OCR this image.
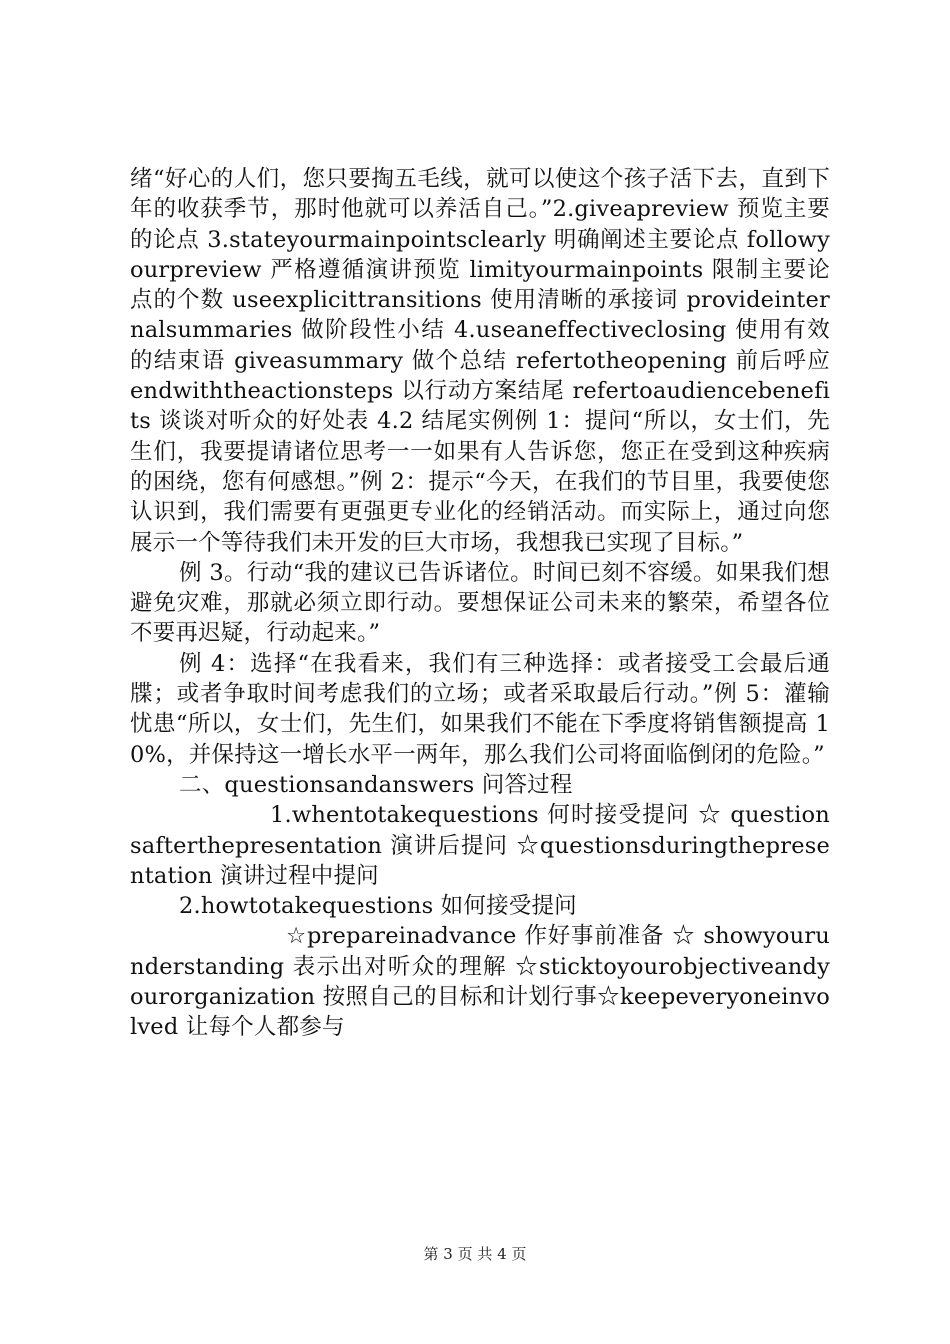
绪“好心的人们，您只要掏五毛线，就可以使这个孩子活下去，直到下年的收获季节，那时他就可以养活自己。”2.giveapreview 预览主要的论点 3.stateyourmainpointsclearly 明确阐述主要论点 followyourpreview 严格遵循演讲预览 limityourmainpoints 限制主要论点的个数 useexplicittransitions 使用清晰的承接词 provideinternalsummaries 做阶段性小结 4.useaneffectiveclosing 使用有效的结束语 giveasummary 做个总结 refertotheopening 前后呼应 endwiththeactionsteps 以行动方案结尾 refertoaudiencebenefits 谈谈对听众的好处表 4.2 结尾实例例 1：提问“所以，女士们，先生们，我要提请诸位思考一一如果有人告诉您，您正在受到这种疾病的困绕，您有何感想。”例 2：提示“今天，在我们的节目里，我要使您认识到，我们需要有更强更专业化的经销活动。而实际上，通过向您展示一个等待我们未开发的巨大市场，我想我已实现了目标。”

例 3。行动“我的建议已告诉诸位。时间已刻不容缓。如果我们想避免灾难，那就必须立即行动。要想保证公司未来的繁荣，希望各位不要再迟疑，行动起来。”

例 4：选择“在我看来，我们有三种选择：或者接受工会最后通牒；或者争取时间考虑我们的立场；或者采取最后行动。”例 5：灌输忧患“所以，女士们，先生们，如果我们不能在下季度将销售额提高 10%，并保持这一增长水平一两年，那么我们公司将面临倒闭的危险。”

二、questionsandanswers 问答过程

1.whentotakequestions 何时接受提问 ☆ questionsafterthepresentation 演讲后提问 ☆questionsduringthepresentation 演讲过程中提问

2.howtotakequestions 如何接受提问

☆prepareinadvance 作好事前准备 ☆ showyourunderstanding 表示出对听众的理解 ☆sticktoyourobjectiveandyourorganization 按照自己的目标和计划行事☆keepeveryoneinvolved 让每个人都参与

第 3 页 共 4 页
